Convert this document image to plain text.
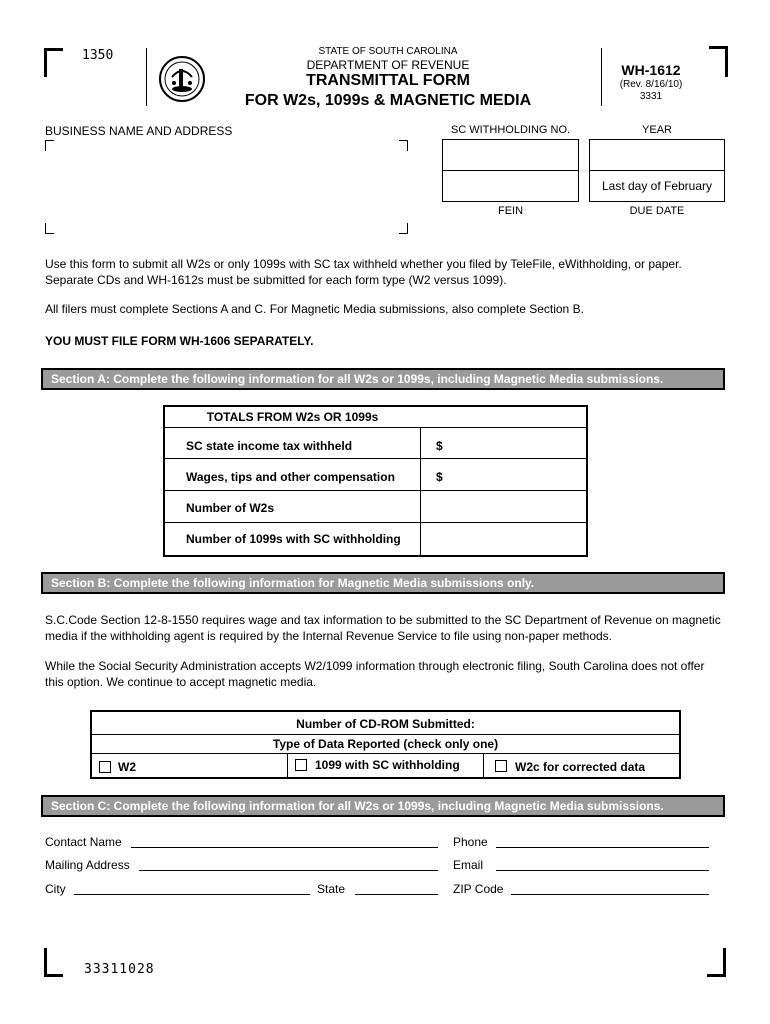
1350
33311028
STATE OF SOUTH CAROLINA
DEPARTMENT OF REVENUE
TRANSMITTAL FORM
FOR W2s, 1099s & MAGNETIC MEDIA
WH-1612
(Rev. 8/16/10)
3331
BUSINESS NAME AND ADDRESS	SC WITHHOLDING NO.	YEAR
Last day of February
FEIN	DUE DATE

Use this form to submit all W2s or only 1099s with SC tax withheld whether you filed by TeleFile, eWithholding, or paper. Separate CDs and WH-1612s must be submitted for each form type (W2 versus 1099).

All filers must complete Sections A and C. For Magnetic Media submissions, also complete Section B.

YOU MUST FILE FORM WH-1606 SEPARATELY.

Section A: Complete the following information for all W2s or 1099s, including Magnetic Media submissions.
TOTALS FROM W2s OR 1099s
SC state income tax withheld	$
Wages, tips and other compensation	$
Number of W2s
Number of 1099s with SC withholding
Section B: Complete the following information for Magnetic Media submissions only.

S.C.Code Section 12-8-1550 requires wage and tax information to be submitted to the SC Department of Revenue on magnetic media if the withholding agent is required by the Internal Revenue Service to file using non-paper methods.

While the Social Security Administration accepts W2/1099 information through electronic filing, South Carolina does not offer this option. We continue to accept magnetic media.

Number of CD-ROM Submitted:
Type of Data Reported (check only one)
W2	1099 with SC withholding	W2c for corrected data
Section C: Complete the following information for all W2s or 1099s, including Magnetic Media submissions.
Contact Name	Phone
Mailing Address	Email
City	State	ZIP Code
